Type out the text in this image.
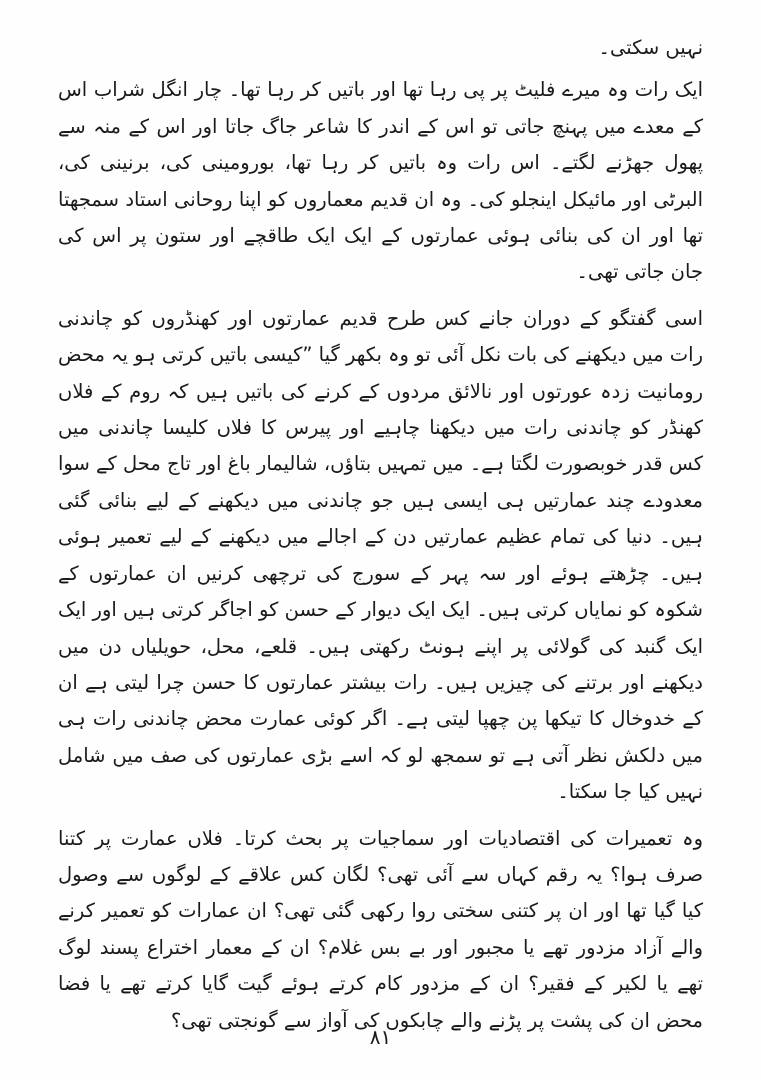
نہیں سکتی۔

ایک رات وہ میرے فلیٹ پر پی رہا تھا اور باتیں کر رہا تھا۔ چار انگل شراب اس کے معدے میں پہنچ جاتی تو اس کے اندر کا شاعر جاگ جاتا اور اس کے منہ سے پھول جھڑنے لگتے۔ اس رات وہ باتیں کر رہا تھا، بورومینی کی، برنینی کی، البرٹی اور مائیکل اینجلو کی۔ وہ ان قدیم معماروں کو اپنا روحانی استاد سمجھتا تھا اور ان کی بنائی ہوئی عمارتوں کے ایک ایک طاقچے اور ستون پر اس کی جان جاتی تھی۔

اسی گفتگو کے دوران جانے کس طرح قدیم عمارتوں اور کھنڈروں کو چاندنی رات میں دیکھنے کی بات نکل آئی تو وہ بکھر گیا ”کیسی باتیں کرتی ہو یہ محض رومانیت زدہ عورتوں اور نالائق مردوں کے کرنے کی باتیں ہیں کہ روم کے فلاں کھنڈر کو چاندنی رات میں دیکھنا چاہیے اور پیرس کا فلاں کلیسا چاندنی میں کس قدر خوبصورت لگتا ہے۔ میں تمہیں بتاؤں، شالیمار باغ اور تاج محل کے سوا معدودے چند عمارتیں ہی ایسی ہیں جو چاندنی میں دیکھنے کے لیے بنائی گئی ہیں۔ دنیا کی تمام عظیم عمارتیں دن کے اجالے میں دیکھنے کے لیے تعمیر ہوئی ہیں۔ چڑھتے ہوئے اور سہ پہر کے سورج کی ترچھی کرنیں ان عمارتوں کے شکوہ کو نمایاں کرتی ہیں۔ ایک ایک دیوار کے حسن کو اجاگر کرتی ہیں اور ایک ایک گنبد کی گولائی پر اپنے ہونٹ رکھتی ہیں۔ قلعے، محل، حویلیاں دن میں دیکھنے اور برتنے کی چیزیں ہیں۔ رات بیشتر عمارتوں کا حسن چرا لیتی ہے ان کے خدوخال کا تیکھا پن چھپا لیتی ہے۔ اگر کوئی عمارت محض چاندنی رات ہی میں دلکش نظر آتی ہے تو سمجھ لو کہ اسے بڑی عمارتوں کی صف میں شامل نہیں کیا جا سکتا۔

وہ تعمیرات کی اقتصادیات اور سماجیات پر بحث کرتا۔ فلاں عمارت پر کتنا صرف ہوا؟ یہ رقم کہاں سے آئی تھی؟ لگان کس علاقے کے لوگوں سے وصول کیا گیا تھا اور ان پر کتنی سختی روا رکھی گئی تھی؟ ان عمارات کو تعمیر کرنے والے آزاد مزدور تھے یا مجبور اور بے بس غلام؟ ان کے معمار اختراع پسند لوگ تھے یا لکیر کے فقیر؟ ان کے مزدور کام کرتے ہوئے گیت گایا کرتے تھے یا فضا محض ان کی پشت پر پڑنے والے چابکوں کی آواز سے گونجتی تھی؟

۸۱
